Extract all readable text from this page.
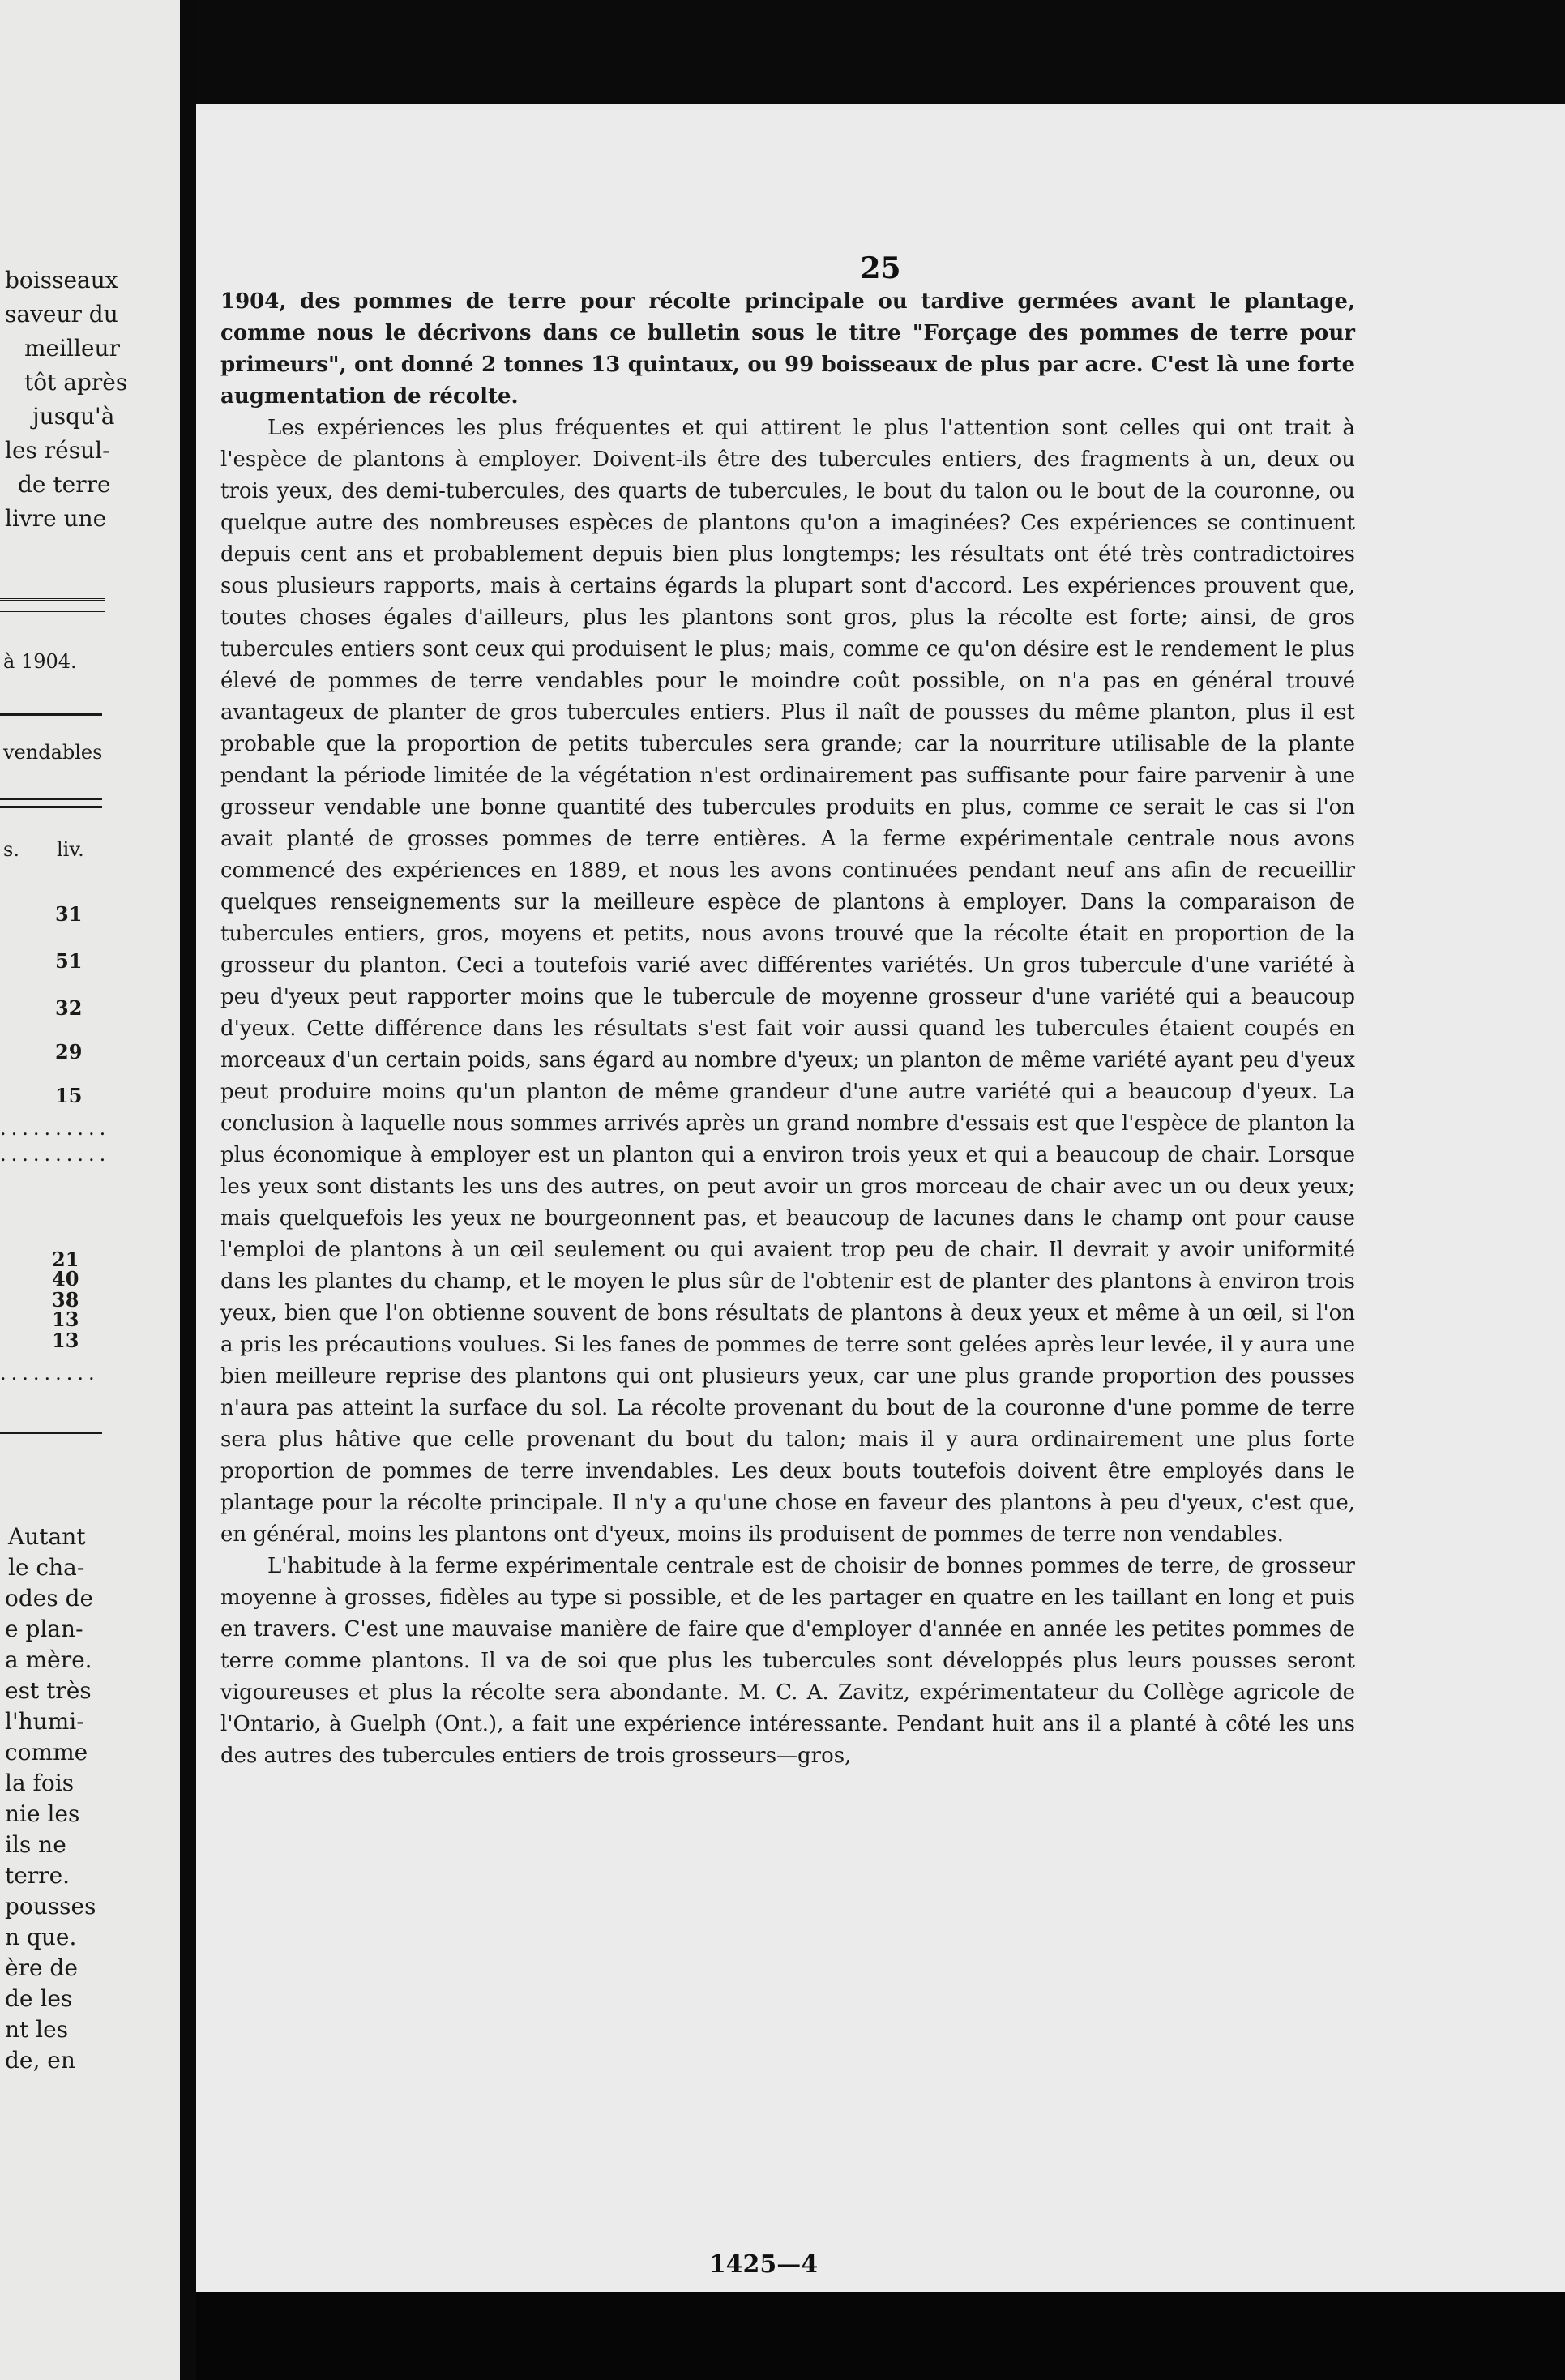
boisseaux
saveur du
meilleur
tôt après
jusqu'à
les résul-
de terre
livre une
à 1904.
vendables
s. liv.
31
51
32
29
15
..........
..........
21
40
38
13
13
.........
Autant
le cha-
odes de
e plan-
a mère.
est très
l'humi-
comme
la fois
nie les
ils ne
terre.
pousses
n que.
ère de
de les
nt les
de, en
25

1904, des pommes de terre pour récolte principale ou tardive germées avant le plantage, comme nous le décrivons dans ce bulletin sous le titre "Forçage des pommes de terre pour primeurs", ont donné 2 tonnes 13 quintaux, ou 99 boisseaux de plus par acre. C'est là une forte augmentation de récolte.

Les expériences les plus fréquentes et qui attirent le plus l'attention sont celles qui ont trait à l'espèce de plantons à employer. Doivent-ils être des tubercules entiers, des fragments à un, deux ou trois yeux, des demi-tubercules, des quarts de tubercules, le bout du talon ou le bout de la couronne, ou quelque autre des nombreuses espèces de plantons qu'on a imaginées? Ces expériences se continuent depuis cent ans et probablement depuis bien plus longtemps; les résultats ont été très contradictoires sous plusieurs rapports, mais à certains égards la plupart sont d'accord. Les expériences prouvent que, toutes choses égales d'ailleurs, plus les plantons sont gros, plus la récolte est forte; ainsi, de gros tubercules entiers sont ceux qui produisent le plus; mais, comme ce qu'on désire est le rendement le plus élevé de pommes de terre vendables pour le moindre coût possible, on n'a pas en général trouvé avantageux de planter de gros tubercules entiers. Plus il naît de pousses du même planton, plus il est probable que la proportion de petits tubercules sera grande; car la nourriture utilisable de la plante pendant la période limitée de la végétation n'est ordinairement pas suffisante pour faire parvenir à une grosseur vendable une bonne quantité des tubercules produits en plus, comme ce serait le cas si l'on avait planté de grosses pommes de terre entières. A la ferme expérimentale centrale nous avons commencé des expériences en 1889, et nous les avons continuées pendant neuf ans afin de recueillir quelques renseignements sur la meilleure espèce de plantons à employer. Dans la comparaison de tubercules entiers, gros, moyens et petits, nous avons trouvé que la récolte était en proportion de la grosseur du planton. Ceci a toutefois varié avec différentes variétés. Un gros tubercule d'une variété à peu d'yeux peut rapporter moins que le tubercule de moyenne grosseur d'une variété qui a beaucoup d'yeux. Cette différence dans les résultats s'est fait voir aussi quand les tubercules étaient coupés en morceaux d'un certain poids, sans égard au nombre d'yeux; un planton de même variété ayant peu d'yeux peut produire moins qu'un planton de même grandeur d'une autre variété qui a beaucoup d'yeux. La conclusion à laquelle nous sommes arrivés après un grand nombre d'essais est que l'espèce de planton la plus économique à employer est un planton qui a environ trois yeux et qui a beaucoup de chair. Lorsque les yeux sont distants les uns des autres, on peut avoir un gros morceau de chair avec un ou deux yeux; mais quelquefois les yeux ne bourgeonnent pas, et beaucoup de lacunes dans le champ ont pour cause l'emploi de plantons à un œil seulement ou qui avaient trop peu de chair. Il devrait y avoir uniformité dans les plantes du champ, et le moyen le plus sûr de l'obtenir est de planter des plantons à environ trois yeux, bien que l'on obtienne souvent de bons résultats de plantons à deux yeux et même à un œil, si l'on a pris les précautions voulues. Si les fanes de pommes de terre sont gelées après leur levée, il y aura une bien meilleure reprise des plantons qui ont plusieurs yeux, car une plus grande proportion des pousses n'aura pas atteint la surface du sol. La récolte provenant du bout de la couronne d'une pomme de terre sera plus hâtive que celle provenant du bout du talon; mais il y aura ordinairement une plus forte proportion de pommes de terre invendables. Les deux bouts toutefois doivent être employés dans le plantage pour la récolte principale. Il n'y a qu'une chose en faveur des plantons à peu d'yeux, c'est que, en général, moins les plantons ont d'yeux, moins ils produisent de pommes de terre non vendables.

L'habitude à la ferme expérimentale centrale est de choisir de bonnes pommes de terre, de grosseur moyenne à grosses, fidèles au type si possible, et de les partager en quatre en les taillant en long et puis en travers. C'est une mauvaise manière de faire que d'employer d'année en année les petites pommes de terre comme plantons. Il va de soi que plus les tubercules sont développés plus leurs pousses seront vigoureuses et plus la récolte sera abondante. M. C. A. Zavitz, expérimentateur du Collège agricole de l'Ontario, à Guelph (Ont.), a fait une expérience intéressante. Pendant huit ans il a planté à côté les uns des autres des tubercules entiers de trois grosseurs—gros,

1425—4
